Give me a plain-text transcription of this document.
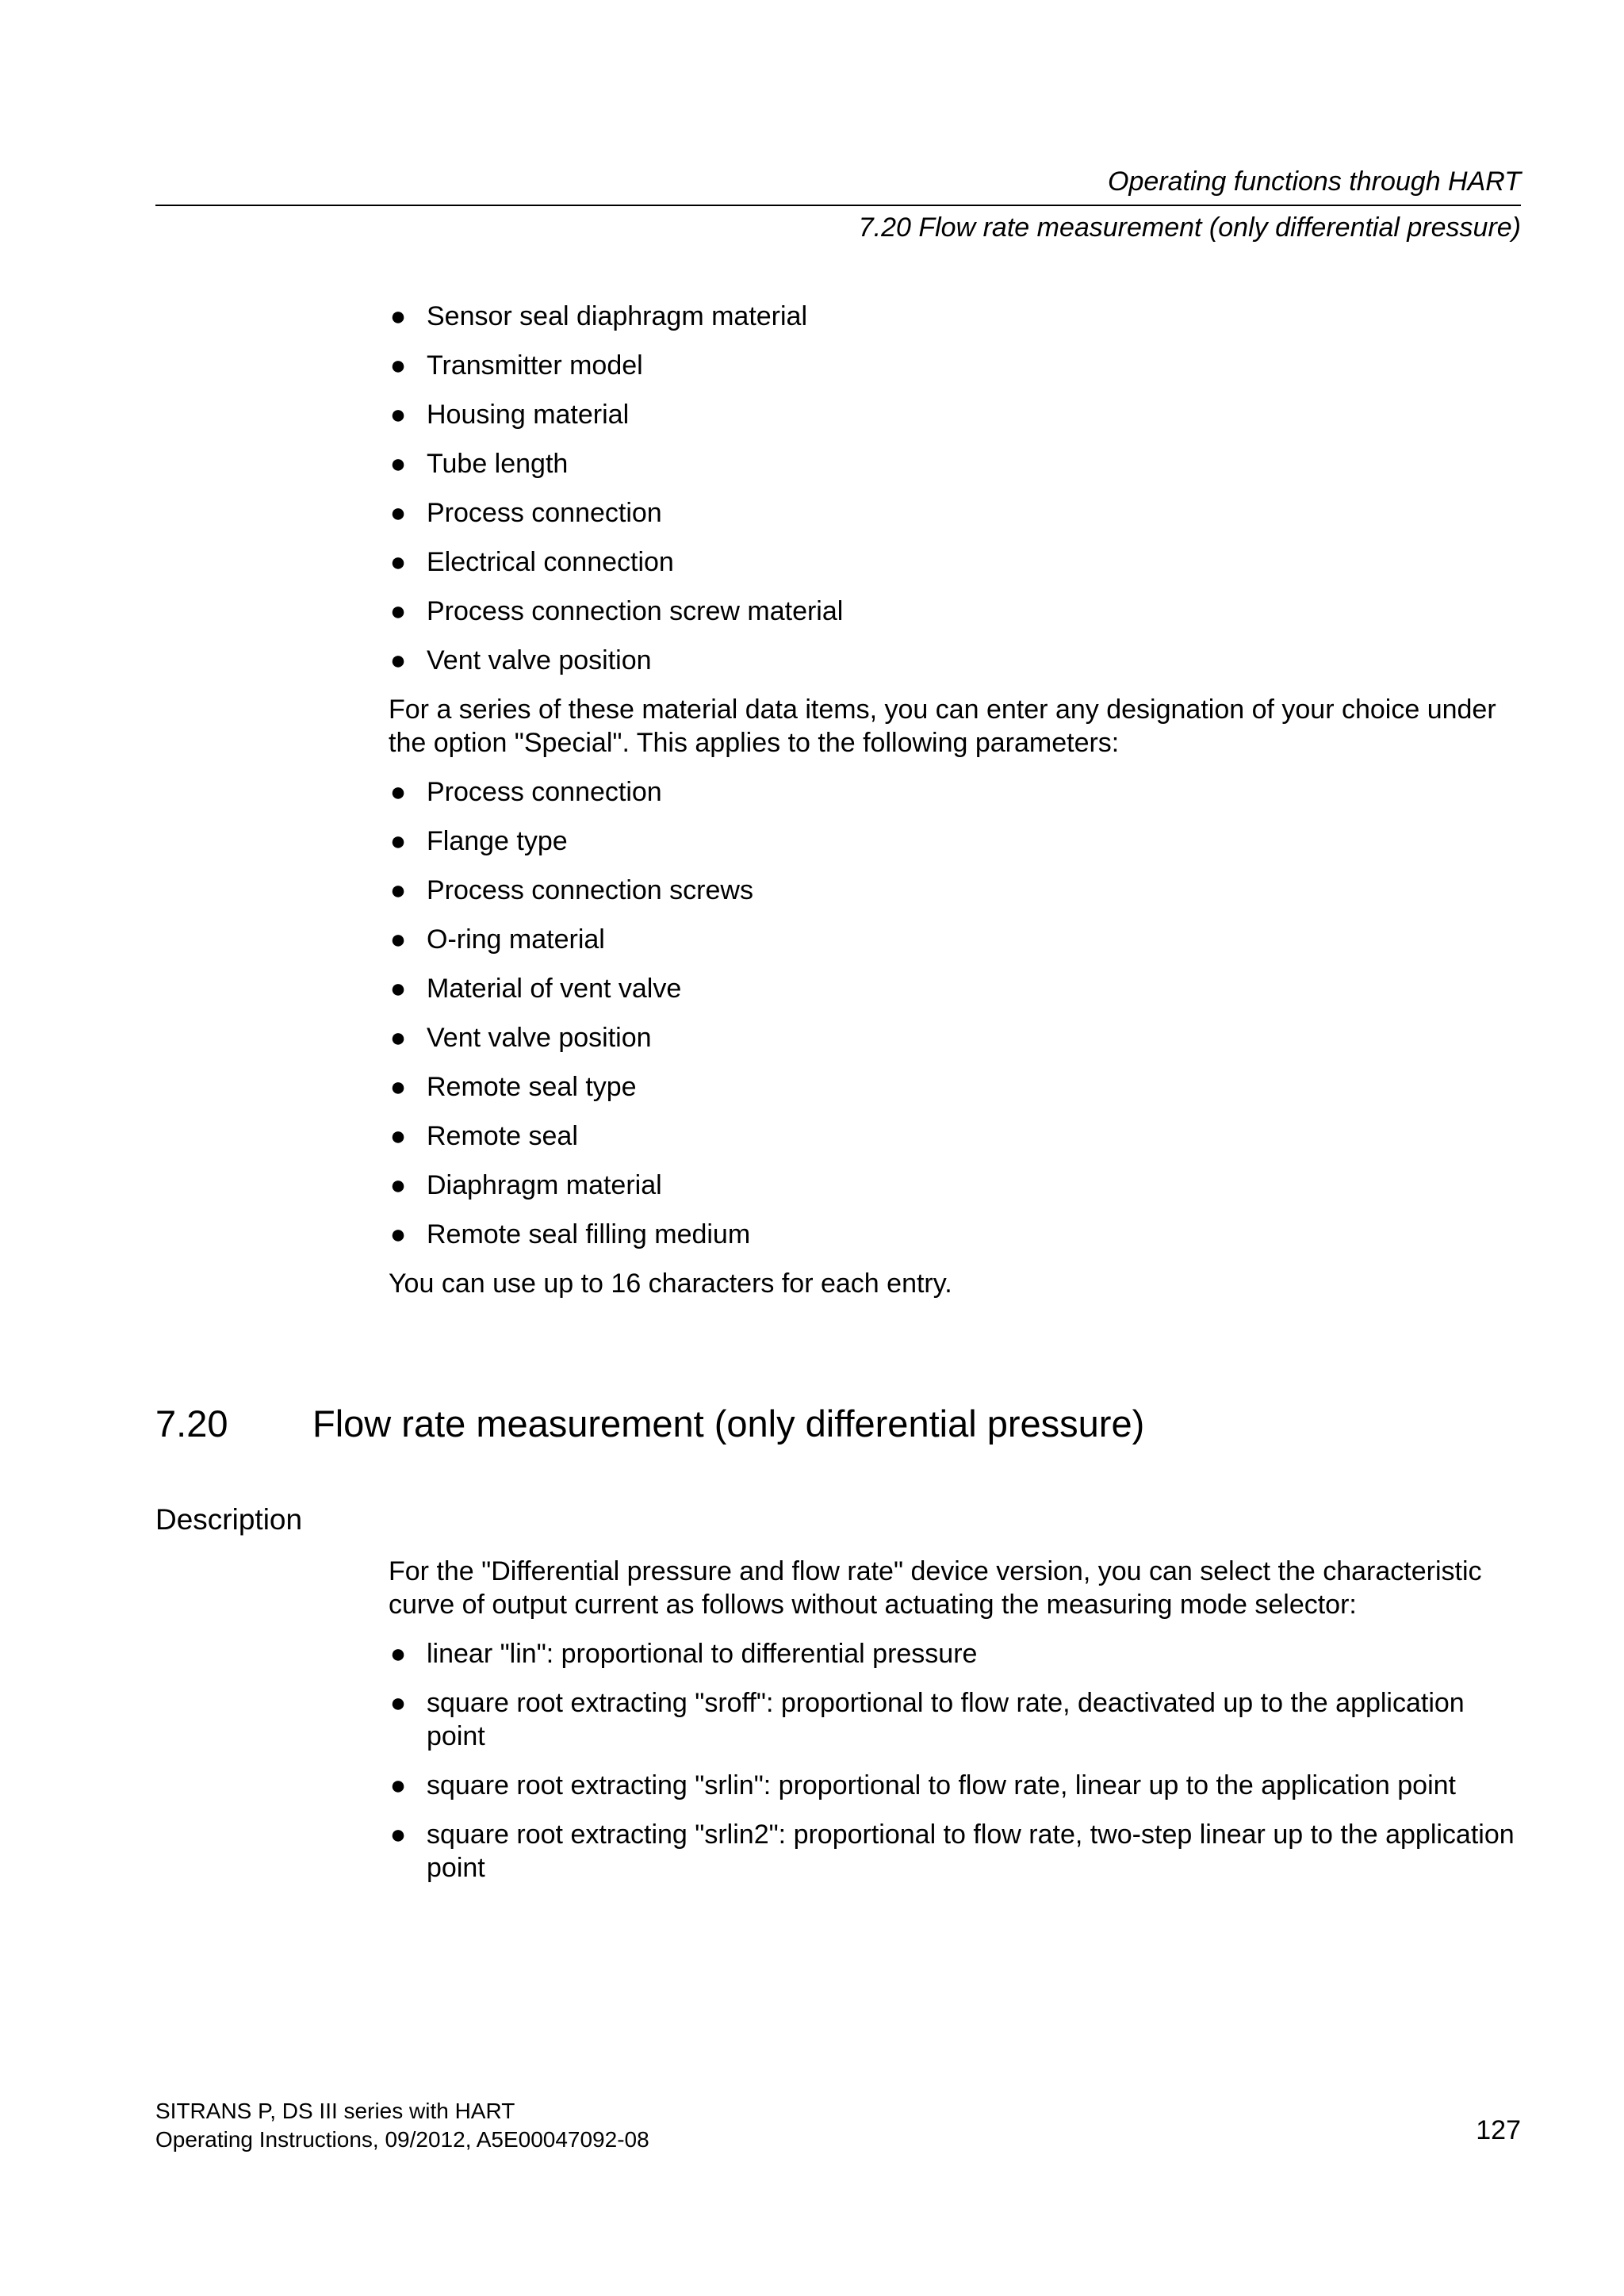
Operating functions through HART
7.20 Flow rate measurement (only differential pressure)
● Sensor seal diaphragm material
● Transmitter model
● Housing material
● Tube length
● Process connection
● Electrical connection
● Process connection screw material
● Vent valve position

For a series of these material data items, you can enter any designation of your choice under the option "Special". This applies to the following parameters:

● Process connection
● Flange type
● Process connection screws
● O-ring material
● Material of vent valve
● Vent valve position
● Remote seal type
● Remote seal
● Diaphragm material
● Remote seal filling medium

You can use up to 16 characters for each entry.

7.20 Flow rate measurement (only differential pressure)
Description

For the "Differential pressure and flow rate" device version, you can select the characteristic curve of output current as follows without actuating the measuring mode selector:

● linear "lin": proportional to differential pressure
● square root extracting "sroff": proportional to flow rate, deactivated up to the application point
● square root extracting "srlin": proportional to flow rate, linear up to the application point
● square root extracting "srlin2": proportional to flow rate, two-step linear up to the application point
SITRANS P, DS III series with HART
Operating Instructions, 09/2012, A5E00047092-08	127
